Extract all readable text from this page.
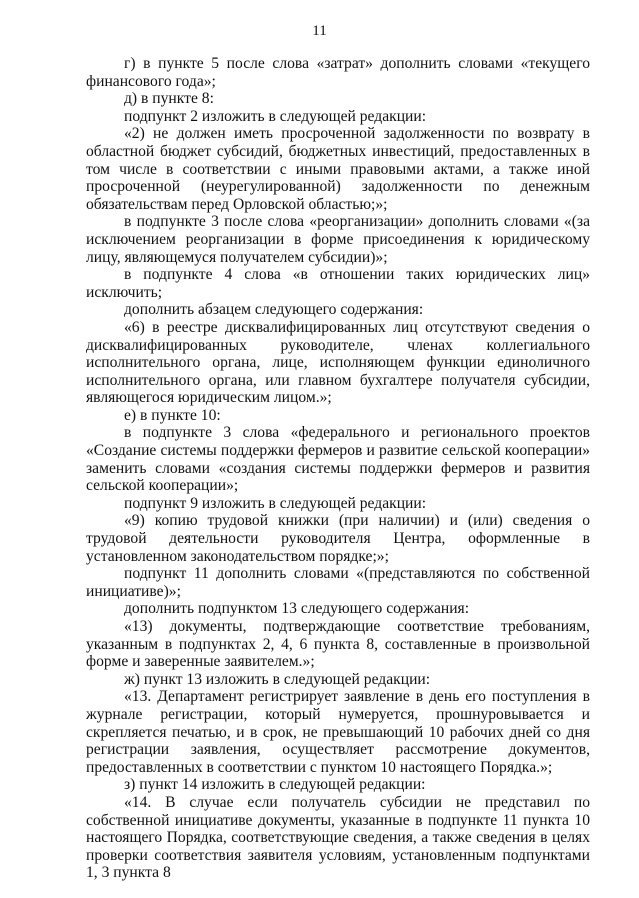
11

г) в пункте 5 после слова «затрат» дополнить словами «текущего финансового года»;

д) в пункте 8:

подпункт 2 изложить в следующей редакции:

«2) не должен иметь просроченной задолженности по возврату в областной бюджет субсидий, бюджетных инвестиций, предоставленных в том числе в соответствии с иными правовыми актами, а также иной просроченной (неурегулированной) задолженности по денежным обязательствам перед Орловской областью;»;

в подпункте 3 после слова «реорганизации» дополнить словами «(за исключением реорганизации в форме присоединения к юридическому лицу, являющемуся получателем субсидии)»;

в подпункте 4 слова «в отношении таких юридических лиц» исключить;

дополнить абзацем следующего содержания:

«6) в реестре дисквалифицированных лиц отсутствуют сведения о дисквалифицированных руководителе, членах коллегиального исполнительного органа, лице, исполняющем функции единоличного исполнительного органа, или главном бухгалтере получателя субсидии, являющегося юридическим лицом.»;

е) в пункте 10:

в подпункте 3 слова «федерального и регионального проектов «Создание системы поддержки фермеров и развитие сельской кооперации» заменить словами «создания системы поддержки фермеров и развития сельской кооперации»;

подпункт 9 изложить в следующей редакции:

«9) копию трудовой книжки (при наличии) и (или) сведения о трудовой деятельности руководителя Центра, оформленные в установленном законодательством порядке;»;

подпункт 11 дополнить словами «(представляются по собственной инициативе)»;

дополнить подпунктом 13 следующего содержания:

«13) документы, подтверждающие соответствие требованиям, указанным в подпунктах 2, 4, 6 пункта 8, составленные в произвольной форме и заверенные заявителем.»;

ж) пункт 13 изложить в следующей редакции:

«13. Департамент регистрирует заявление в день его поступления в журнале регистрации, который нумеруется, прошнуровывается и скрепляется печатью, и в срок, не превышающий 10 рабочих дней со дня регистрации заявления, осуществляет рассмотрение документов, предоставленных в соответствии с пунктом 10 настоящего Порядка.»;

з) пункт 14 изложить в следующей редакции:

«14. В случае если получатель субсидии не представил по собственной инициативе документы, указанные в подпункте 11 пункта 10 настоящего Порядка, соответствующие сведения, а также сведения в целях проверки соответствия заявителя условиям, установленным подпунктами 1, 3 пункта 8
